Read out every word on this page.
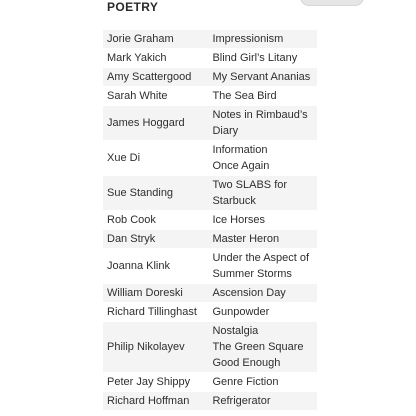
POETRY
Jorie Graham	Impressionism

Mark Yakich	Blind Girl’s Litany

Amy Scattergood	My Servant Ananias

Sarah White	The Sea Bird

James Hoggard	Notes in Rimbaud’s Diary

Xue Di	Information
Once Again

Sue Standing	Two SLABS for Starbuck

Rob Cook	Ice Horses

Dan Stryk	Master Heron

Joanna Klink	Under the Aspect of Summer Storms

William Doreski	Ascension Day

Richard Tillinghast	Gunpowder

Philip Nikolayev	Nostalgia
The Green Square
Good Enough

Peter Jay Shippy	Genre Fiction

Richard Hoffman	Refrigerator
